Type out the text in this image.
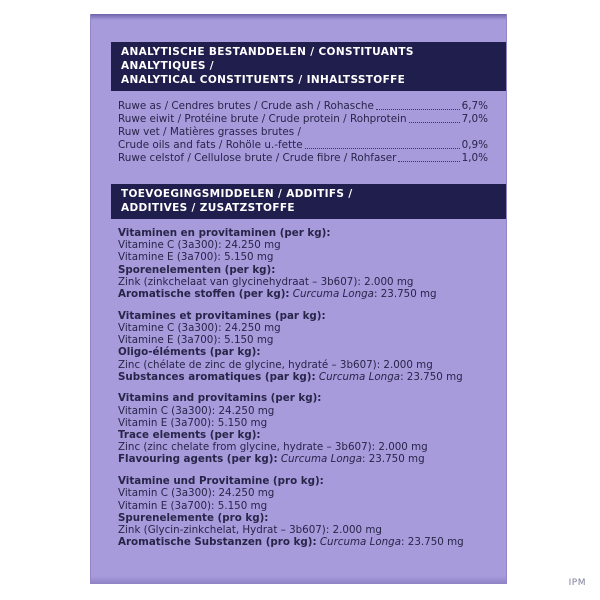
ANALYTISCHE BESTANDDELEN / CONSTITUANTS ANALYTIQUES /
ANALYTICAL CONSTITUENTS / INHALTSSTOFFE
Ruwe as / Cendres brutes / Crude ash / Rohasche	6,7%
Ruwe eiwit / Protéine brute / Crude protein / Rohprotein	7,0%
Ruw vet / Matières grasses brutes /
Crude oils and fats / Rohöle u.-fette	0,9%
Ruwe celstof / Cellulose brute / Crude fibre / Rohfaser	1,0%
TOEVOEGINGSMIDDELEN / ADDITIFS /
ADDITIVES / ZUSATZSTOFFE
Vitaminen en provitaminen (per kg):
Vitamine C (3a300): 24.250 mg
Vitamine E (3a700): 5.150 mg
Sporenelementen (per kg):
Zink (zinkchelaat van glycinehydraat – 3b607): 2.000 mg
Aromatische stoffen (per kg): Curcuma Longa: 23.750 mg
Vitamines et provitamines (par kg):
Vitamine C (3a300): 24.250 mg
Vitamine E (3a700): 5.150 mg
Oligo-éléments (par kg):
Zinc (chélate de zinc de glycine, hydraté – 3b607): 2.000 mg
Substances aromatiques (par kg): Curcuma Longa: 23.750 mg
Vitamins and provitamins (per kg):
Vitamin C (3a300): 24.250 mg
Vitamin E (3a700): 5.150 mg
Trace elements (per kg):
Zinc (zinc chelate from glycine, hydrate – 3b607): 2.000 mg
Flavouring agents (per kg): Curcuma Longa: 23.750 mg
Vitamine und Provitamine (pro kg):
Vitamin C (3a300): 24.250 mg
Vitamin E (3a700): 5.150 mg
Spurenelemente (pro kg):
Zink (Glycin-zinkchelat, Hydrat – 3b607): 2.000 mg
Aromatische Substanzen (pro kg): Curcuma Longa: 23.750 mg
IPM
